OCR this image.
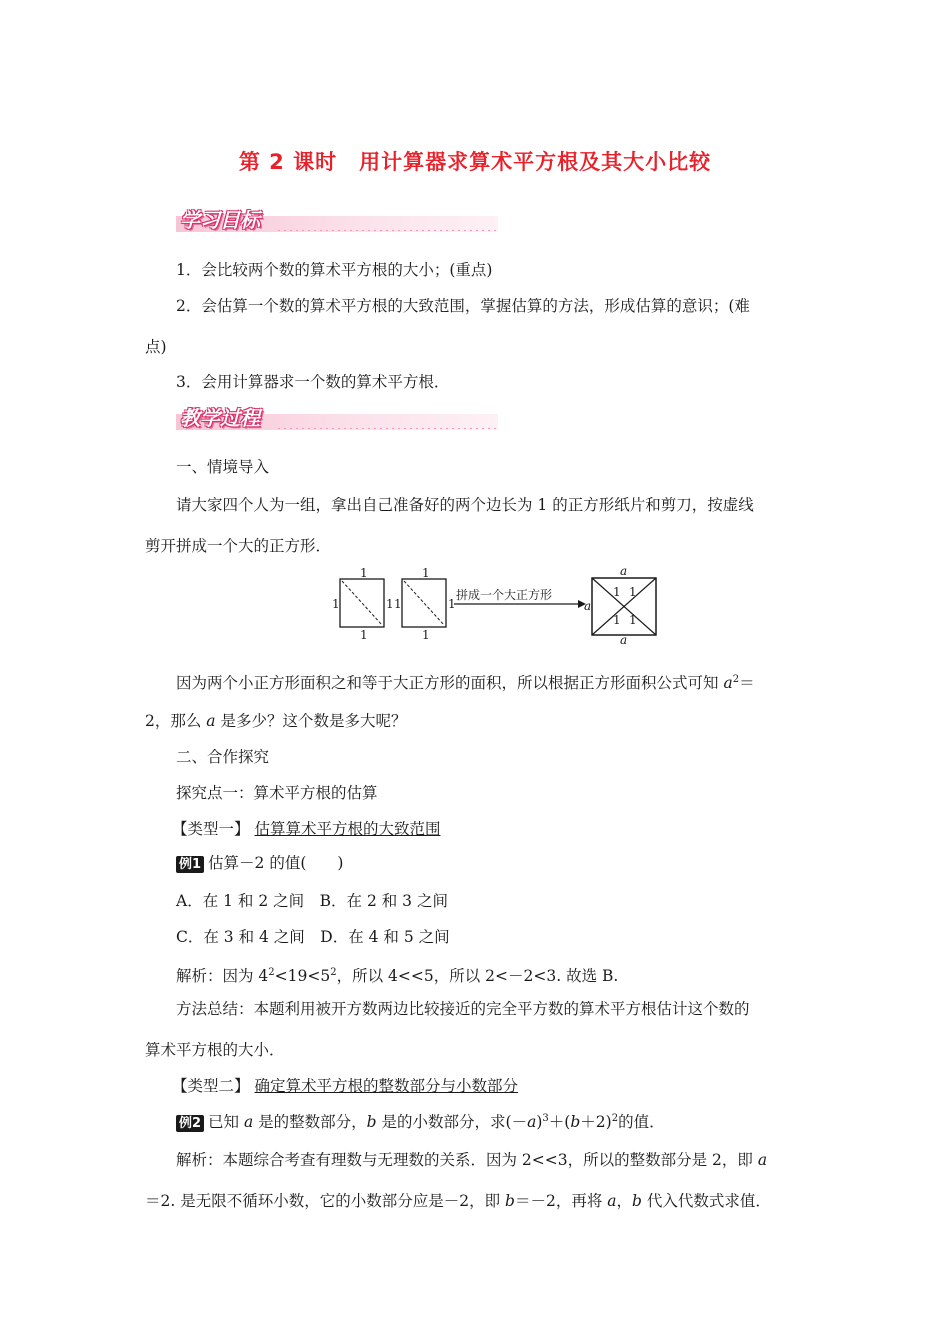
第 2 课时　用计算器求算术平方根及其大小比较
学习目标
1．会比较两个数的算术平方根的大小；(重点)
2．会估算一个数的算术平方根的大致范围，掌握估算的方法，形成估算的意识；(难
点)
3．会用计算器求一个数的算术平方根．
教学过程
一、情境导入
请大家四个人为一组，拿出自己准备好的两个边长为 1 的正方形纸片和剪刀，按虚线
剪开拼成一个大的正方形．
1
1	1
1
1
1	1
1
拼成一个大正方形
a
a
a
1 1
1 1
因为两个小正方形面积之和等于大正方形的面积，所以根据正方形面积公式可知 $a^2=$
2，那么 a 是多少？这个数是多大呢？
二、合作探究
探究点一：算术平方根的估算
【类型一】 估算算术平方根的大致范围
例1 估算－2 的值(　　)
A．在 1 和 2 之间　B．在 2 和 3 之间
C．在 3 和 4 之间　D．在 4 和 5 之间
解析：因为 $4^2<19<5^2$，所以 4<<5，所以 2<－2<3. 故选 B.
方法总结：本题利用被开方数两边比较接近的完全平方数的算术平方根估计这个数的
算术平方根的大小．
【类型二】 确定算术平方根的整数部分与小数部分
例2 已知 a 是的整数部分，b 是的小数部分，求$(-a)^3+(b+2)^2$的值．
解析：本题综合考查有理数与无理数的关系．因为 2<<3，所以的整数部分是 2，即 a
＝2. 是无限不循环小数，它的小数部分应是－2，即 b＝－2，再将 a，b 代入代数式求值．
